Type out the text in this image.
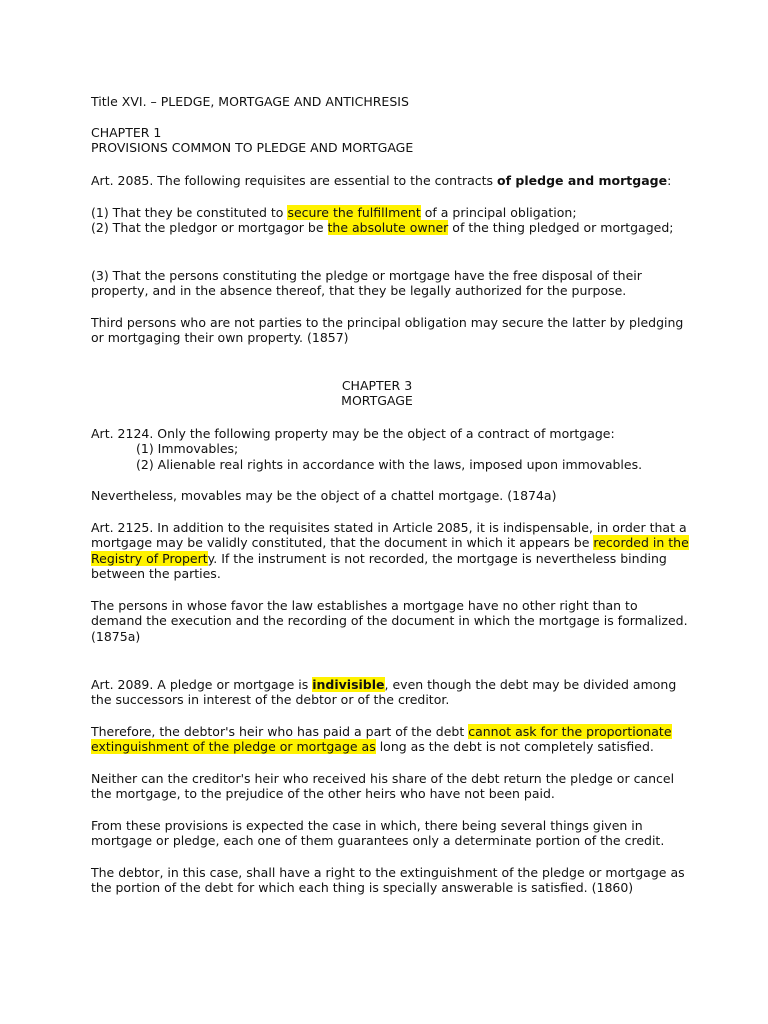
Title XVI. – PLEDGE, MORTGAGE AND ANTICHRESIS

CHAPTER 1
PROVISIONS COMMON TO PLEDGE AND MORTGAGE

Art. 2085. The following requisites are essential to the contracts of pledge and mortgage:

(1) That they be constituted to secure the fulfillment of a principal obligation;
(2) That the pledgor or mortgagor be the absolute owner of the thing pledged or mortgaged;

(3) That the persons constituting the pledge or mortgage have the free disposal of their property, and in the absence thereof, that they be legally authorized for the purpose.

Third persons who are not parties to the principal obligation may secure the latter by pledging or mortgaging their own property. (1857)

CHAPTER 3
MORTGAGE
Art. 2124. Only the following property may be the object of a contract of mortgage:
(1) Immovables;
(2) Alienable real rights in accordance with the laws, imposed upon immovables.

Nevertheless, movables may be the object of a chattel mortgage. (1874a)

Art. 2125. In addition to the requisites stated in Article 2085, it is indispensable, in order that a mortgage may be validly constituted, that the document in which it appears be recorded in the Registry of Property. If the instrument is not recorded, the mortgage is nevertheless binding between the parties.

The persons in whose favor the law establishes a mortgage have no other right than to demand the execution and the recording of the document in which the mortgage is formalized. (1875a)

Art. 2089. A pledge or mortgage is indivisible, even though the debt may be divided among the successors in interest of the debtor or of the creditor.

Therefore, the debtor's heir who has paid a part of the debt cannot ask for the proportionate extinguishment of the pledge or mortgage as long as the debt is not completely satisfied.

Neither can the creditor's heir who received his share of the debt return the pledge or cancel the mortgage, to the prejudice of the other heirs who have not been paid.

From these provisions is expected the case in which, there being several things given in mortgage or pledge, each one of them guarantees only a determinate portion of the credit.

The debtor, in this case, shall have a right to the extinguishment of the pledge or mortgage as the portion of the debt for which each thing is specially answerable is satisfied. (1860)
